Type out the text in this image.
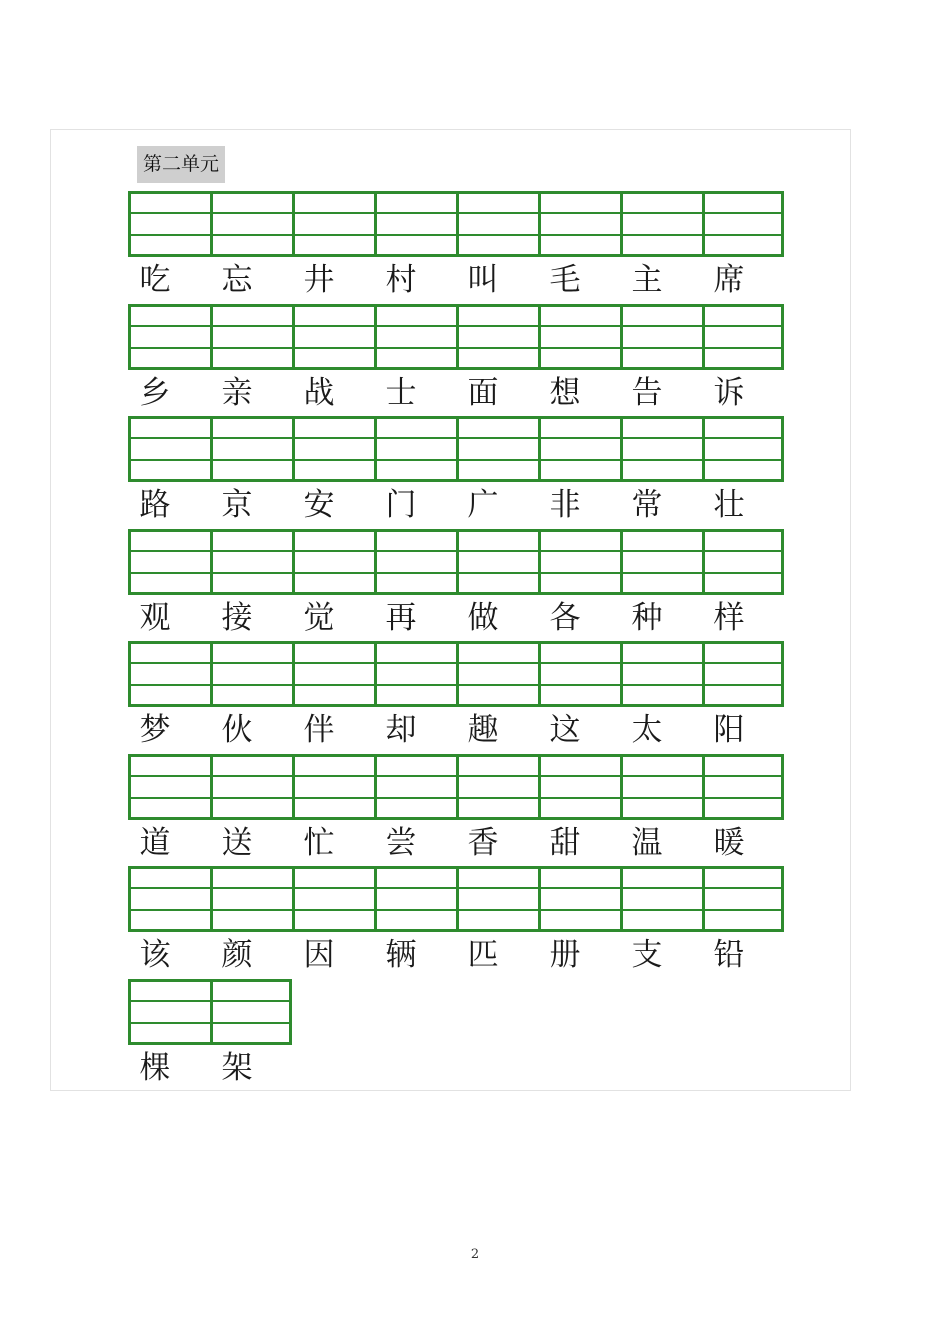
第二单元
吃	忘	井	村	叫	毛	主	席
乡	亲	战	士	面	想	告	诉
路	京	安	门	广	非	常	壮
观	接	觉	再	做	各	种	样
梦	伙	伴	却	趣	这	太	阳
道	送	忙	尝	香	甜	温	暖
该	颜	因	辆	匹	册	支	铅
棵	架
2
